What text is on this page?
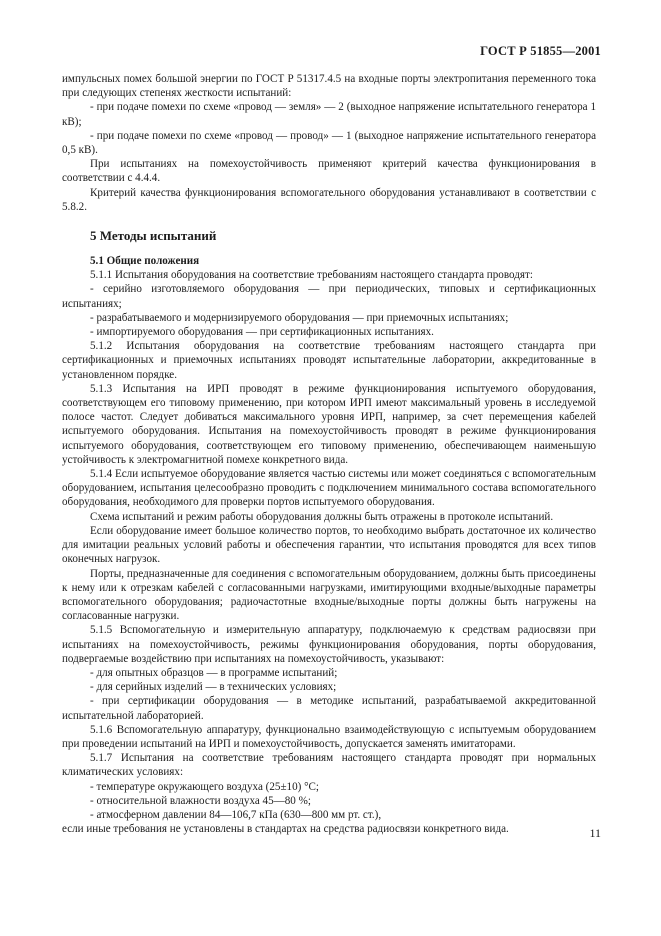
ГОСТ Р 51855—2001

импульсных помех большой энергии по ГОСТ Р 51317.4.5 на входные порты электропитания переменного тока при следующих степенях жесткости испытаний:

- при подаче помехи по схеме «провод — земля» — 2 (выходное напряжение испытательного генератора 1 кВ);

- при подаче помехи по схеме «провод — провод» — 1 (выходное напряжение испытательного генератора 0,5 кВ).

При испытаниях на помехоустойчивость применяют критерий качества функционирования в соответствии с 4.4.4.

Критерий качества функционирования вспомогательного оборудования устанавливают в соответствии с 5.8.2.

5 Методы испытаний
5.1 Общие положения

5.1.1 Испытания оборудования на соответствие требованиям настоящего стандарта проводят:

- серийно изготовляемого оборудования — при периодических, типовых и сертификационных испытаниях;

- разрабатываемого и модернизируемого оборудования — при приемочных испытаниях;

- импортируемого оборудования — при сертификационных испытаниях.

5.1.2 Испытания оборудования на соответствие требованиям настоящего стандарта при сертификационных и приемочных испытаниях проводят испытательные лаборатории, аккредитованные в установленном порядке.

5.1.3 Испытания на ИРП проводят в режиме функционирования испытуемого оборудования, соответствующем его типовому применению, при котором ИРП имеют максимальный уровень в исследуемой полосе частот. Следует добиваться максимального уровня ИРП, например, за счет перемещения кабелей испытуемого оборудования. Испытания на помехоустойчивость проводят в режиме функционирования испытуемого оборудования, соответствующем его типовому применению, обеспечивающем наименьшую устойчивость к электромагнитной помехе конкретного вида.

5.1.4 Если испытуемое оборудование является частью системы или может соединяться с вспомогательным оборудованием, испытания целесообразно проводить с подключением минимального состава вспомогательного оборудования, необходимого для проверки портов испытуемого оборудования.

Схема испытаний и режим работы оборудования должны быть отражены в протоколе испытаний.

Если оборудование имеет большое количество портов, то необходимо выбрать достаточное их количество для имитации реальных условий работы и обеспечения гарантии, что испытания проводятся для всех типов оконечных нагрузок.

Порты, предназначенные для соединения с вспомогательным оборудованием, должны быть присоединены к нему или к отрезкам кабелей с согласованными нагрузками, имитирующими входные/выходные параметры вспомогательного оборудования; радиочастотные входные/выходные порты должны быть нагружены на согласованные нагрузки.

5.1.5 Вспомогательную и измерительную аппаратуру, подключаемую к средствам радиосвязи при испытаниях на помехоустойчивость, режимы функционирования оборудования, порты оборудования, подвергаемые воздействию при испытаниях на помехоустойчивость, указывают:

- для опытных образцов — в программе испытаний;

- для серийных изделий — в технических условиях;

- при сертификации оборудования — в методике испытаний, разрабатываемой аккредитованной испытательной лабораторией.

5.1.6 Вспомогательную аппаратуру, функционально взаимодействующую с испытуемым оборудованием при проведении испытаний на ИРП и помехоустойчивость, допускается заменять имитаторами.

5.1.7 Испытания на соответствие требованиям настоящего стандарта проводят при нормальных климатических условиях:

- температуре окружающего воздуха (25±10) °С;

- относительной влажности воздуха 45—80 %;

- атмосферном давлении 84—106,7 кПа (630—800 мм рт. ст.),

если иные требования не установлены в стандартах на средства радиосвязи конкретного вида.	11
